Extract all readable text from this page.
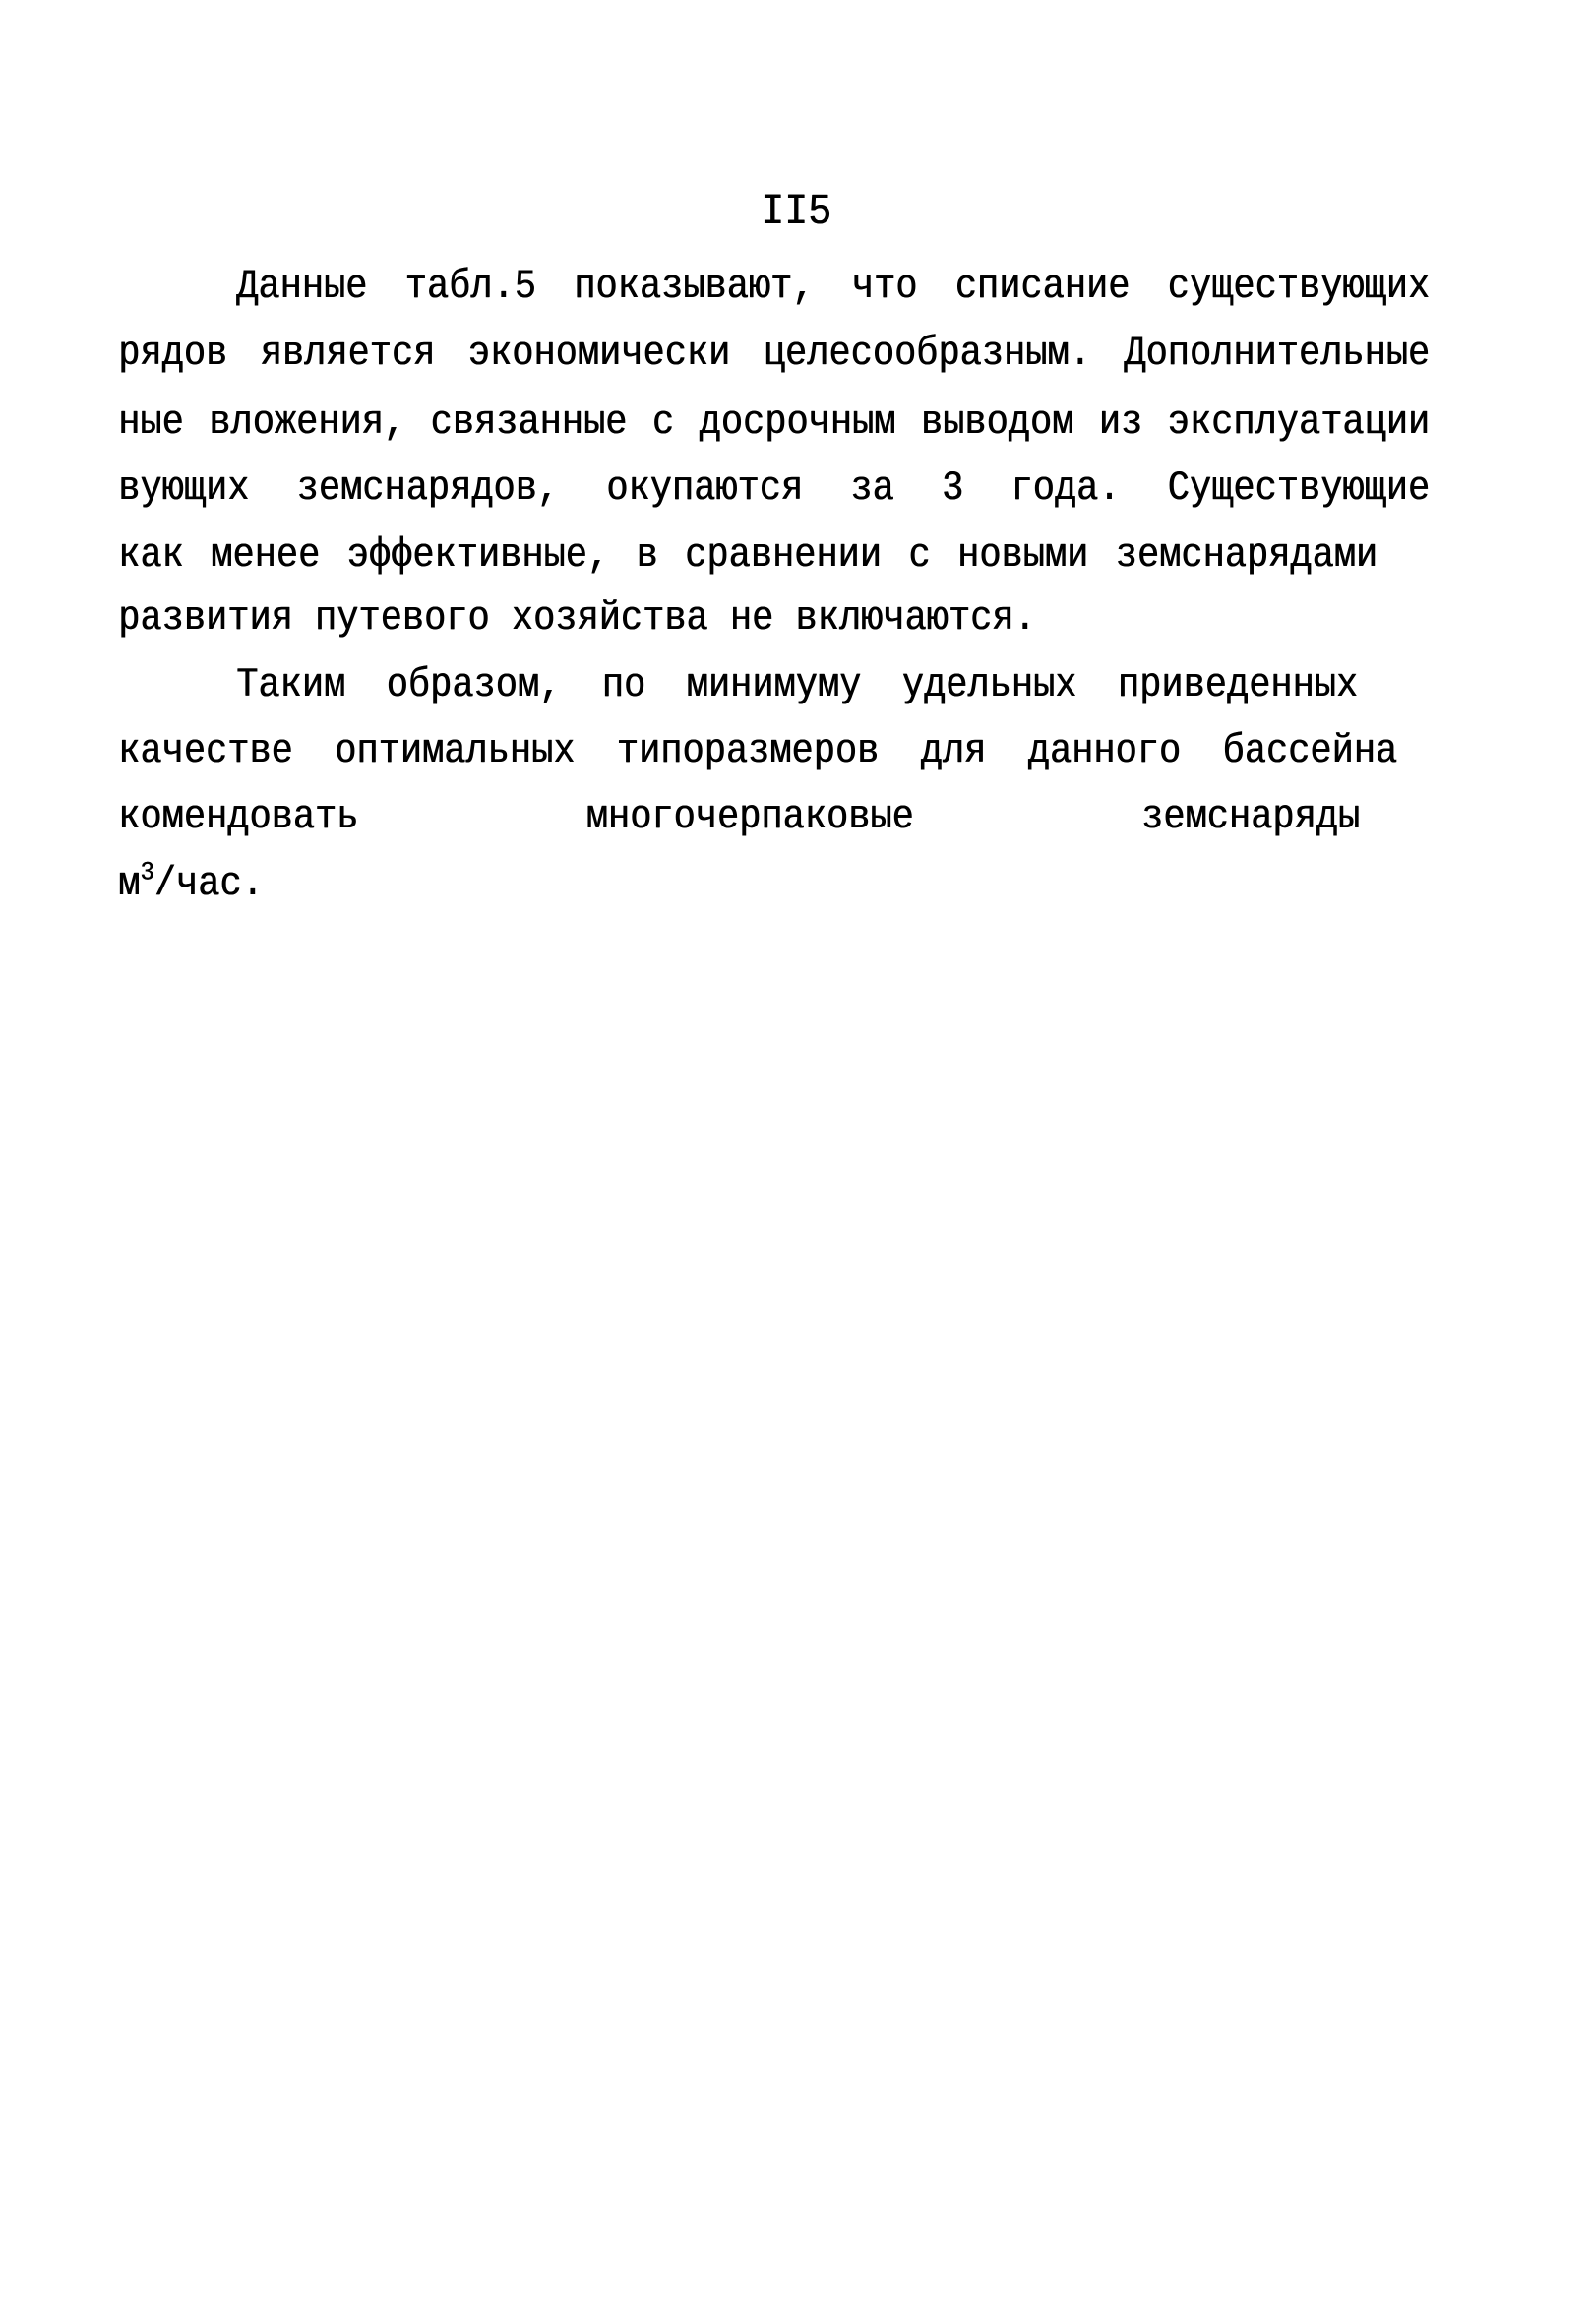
II5
Данные табл.5 показывают, что списание существующих
рядов является экономически целесообразным. Дополнительные
ные вложения, связанные с досрочным выводом из эксплуатации
вующих земснарядов, окупаются за 3 года. Существующие
как менее эффективные, в сравнении с новыми земснарядами
развития путевого хозяйства не включаются.
Таким образом, по минимуму удельных приведенных
качестве оптимальных типоразмеров для данного бассейна
комендовать многочерпаковые земснаряды
$м^3$/час.
